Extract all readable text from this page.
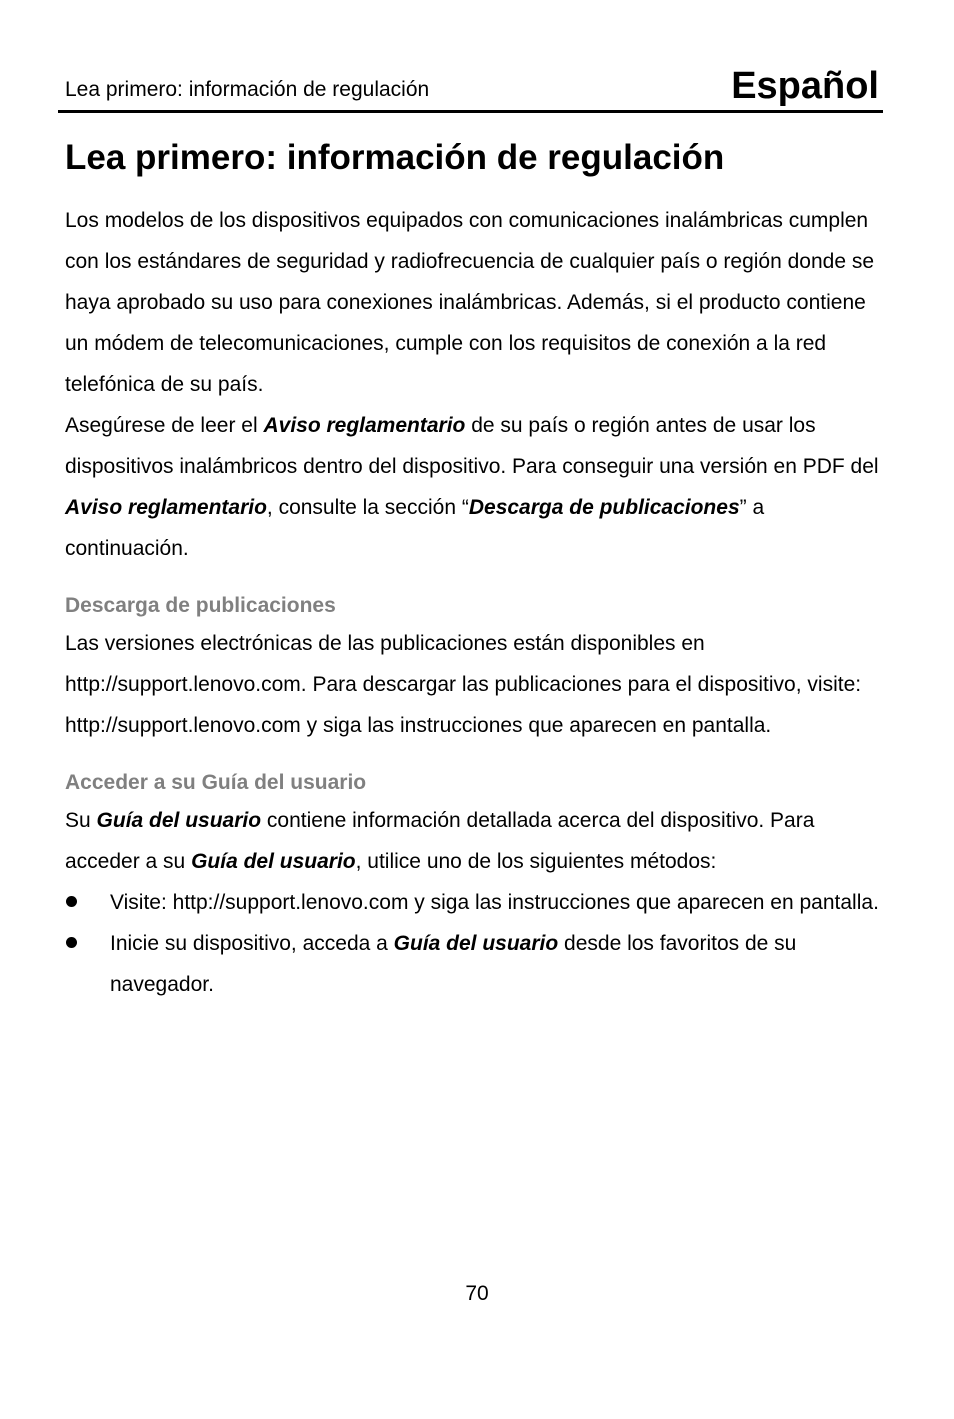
Lea primero: información de regulación	Español
Lea primero: información de regulación

Los modelos de los dispositivos equipados con comunicaciones inalámbricas cumplen con los estándares de seguridad y radiofrecuencia de cualquier país o región donde se haya aprobado su uso para conexiones inalámbricas. Además, si el producto contiene un módem de telecomunicaciones, cumple con los requisitos de conexión a la red telefónica de su país.

Asegúrese de leer el Aviso reglamentario de su país o región antes de usar los dispositivos inalámbricos dentro del dispositivo. Para conseguir una versión en PDF del Aviso reglamentario, consulte la sección “Descarga de publicaciones” a continuación.

Descarga de publicaciones

Las versiones electrónicas de las publicaciones están disponibles en http://support.lenovo.com. Para descargar las publicaciones para el dispositivo, visite: http://support.lenovo.com y siga las instrucciones que aparecen en pantalla.

Acceder a su Guía del usuario

Su Guía del usuario contiene información detallada acerca del dispositivo. Para acceder a su Guía del usuario, utilice uno de los siguientes métodos:

Visite: http://support.lenovo.com y siga las instrucciones que aparecen en pantalla.
Inicie su dispositivo, acceda a Guía del usuario desde los favoritos de su navegador.
70
